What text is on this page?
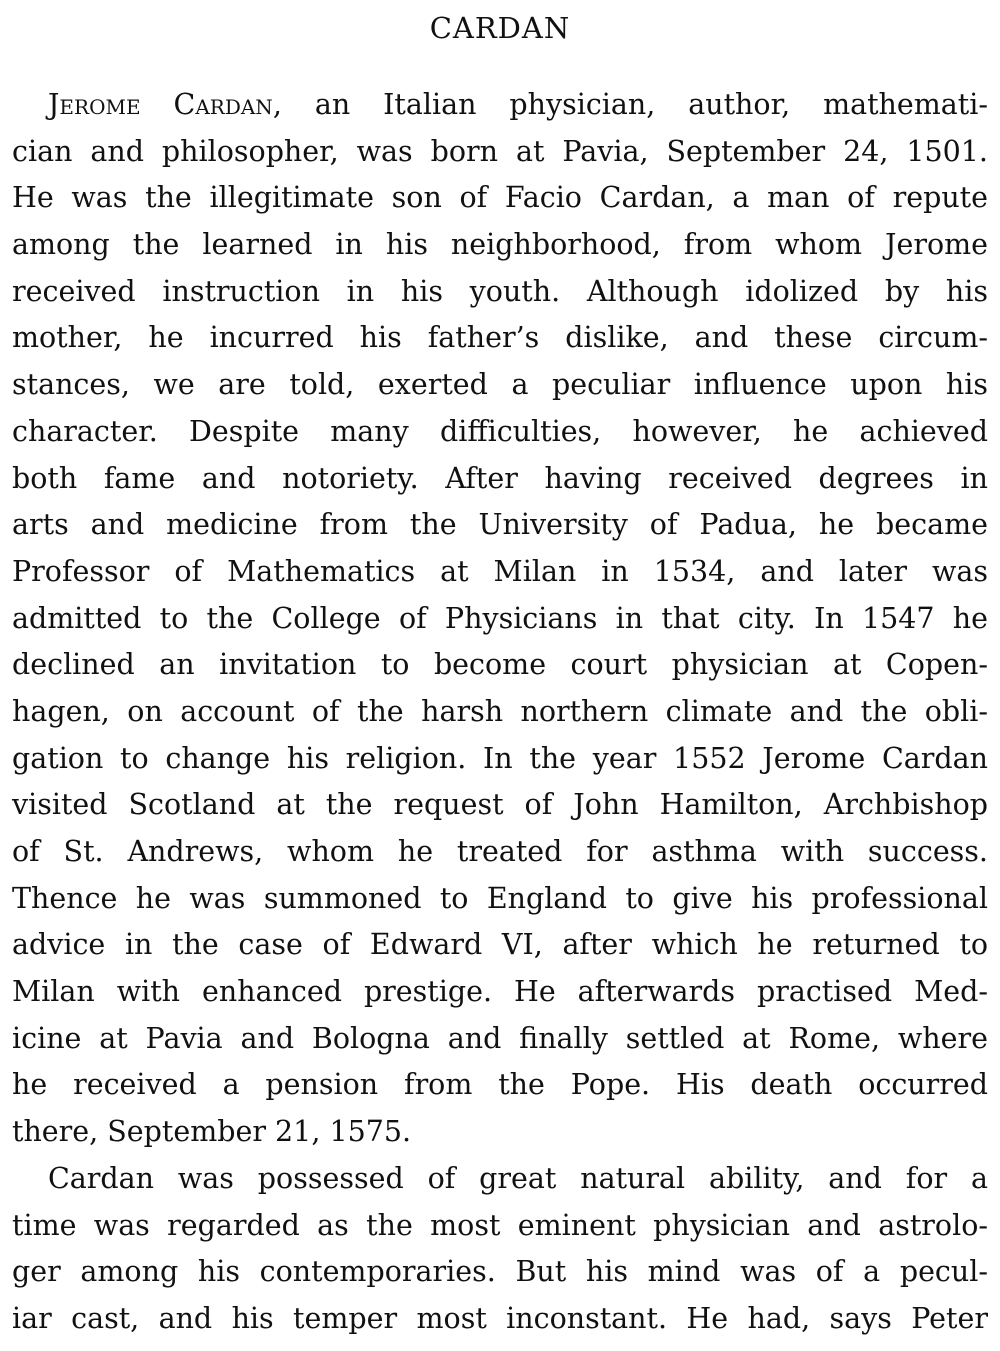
CARDAN
Jerome Cardan, an Italian physician, author, mathemati-
cian and philosopher, was born at Pavia, September 24, 1501.
He was the illegitimate son of Facio Cardan, a man of repute
among the learned in his neighborhood, from whom Jerome
received instruction in his youth. Although idolized by his
mother, he incurred his father’s dislike, and these circum-
stances, we are told, exerted a peculiar influence upon his
character. Despite many difficulties, however, he achieved
both fame and notoriety. After having received degrees in
arts and medicine from the University of Padua, he became
Professor of Mathematics at Milan in 1534, and later was
admitted to the College of Physicians in that city. In 1547 he
declined an invitation to become court physician at Copen-
hagen, on account of the harsh northern climate and the obli-
gation to change his religion. In the year 1552 Jerome Cardan
visited Scotland at the request of John Hamilton, Archbishop
of St. Andrews, whom he treated for asthma with success.
Thence he was summoned to England to give his professional
advice in the case of Edward VI, after which he returned to
Milan with enhanced prestige. He afterwards practised Med-
icine at Pavia and Bologna and finally settled at Rome, where
he received a pension from the Pope. His death occurred
there, September 21, 1575.
Cardan was possessed of great natural ability, and for a
time was regarded as the most eminent physician and astrolo-
ger among his contemporaries. But his mind was of a pecul-
iar cast, and his temper most inconstant. He had, says Peter
